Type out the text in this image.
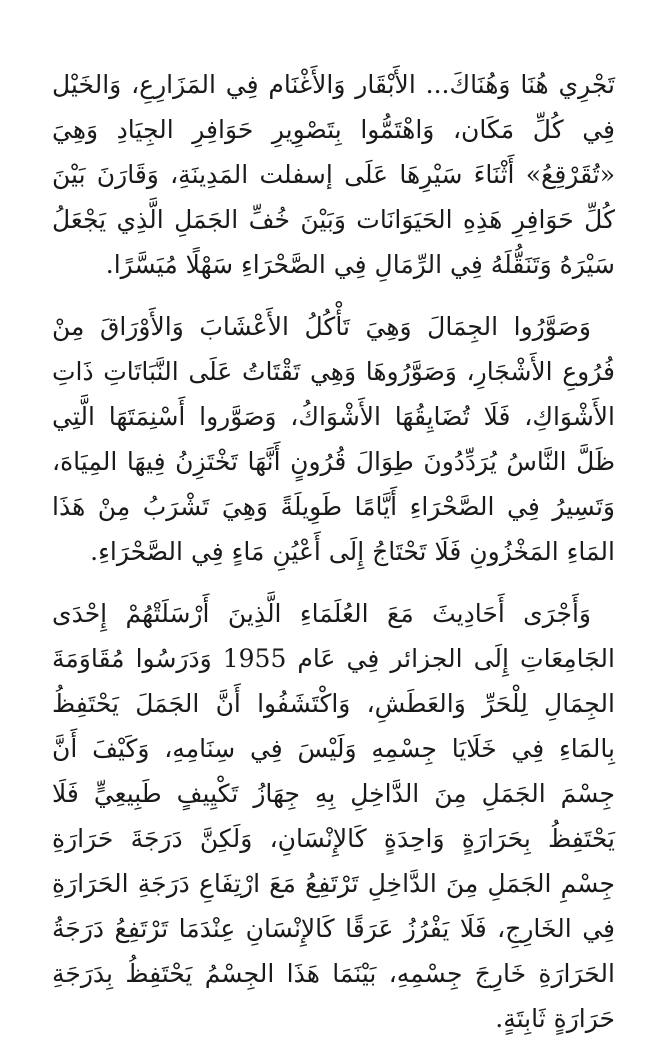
تَجْرِي هُنَا وَهُنَاكَ... الأَبْقَار وَالأَغْنَام فِي المَزَارِعِ، وَالخَيْل فِي كُلِّ مَكَان، وَاهْتَمُّوا بِتَصْوِيرِ حَوَافِرِ الجِيَادِ وَهِيَ «تُقَرْقِعُ» أَثْنَاءَ سَيْرِهَا عَلَى إسفلت المَدِينَةِ، وَقَارَنَ بَيْنَ كُلِّ حَوَافِرِ هَذِهِ الحَيَوَانَات وَبَيْنَ خُفِّ الجَمَلِ الَّذِي يَجْعَلُ سَيْرَهُ وَتَنَقُّلَهُ فِي الرِّمَالِ فِي الصَّحْرَاءِ سَهْلًا مُيَسَّرًا.

وَصَوَّرُوا الجِمَالَ وَهِيَ تَأْكُلُ الأَعْشَابَ وَالأَوْرَاقَ مِنْ فُرُوعِ الأَشْجَارِ، وَصَوَّرُوهَا وَهِي تَقْتَاتُ عَلَى النَّبَاتَاتِ ذَاتِ الأَشْوَاكِ، فَلَا تُضَايِقُهَا الأَشْوَاكُ، وَصَوَّروا أَسْنِمَتَهَا الَّتِي ظَلَّ النَّاسُ يُرَدِّدُونَ طِوَالَ قُرُونٍ أَنَّهَا تَخْتَزِنُ فِيهَا المِيَاهَ، وَتَسِيرُ فِي الصَّحْرَاءِ أَيَّامًا طَوِيلَةً وَهِيَ تَشْرَبُ مِنْ هَذَا المَاءِ المَخْزُونِ فَلَا تَحْتَاجُ إِلَى أَعْيُنِ مَاءٍ فِي الصَّحْرَاءِ.

وَأَجْرَى أَحَادِيثَ مَعَ العُلَمَاءِ الَّذِينَ أَرْسَلَتْهُمْ إِحْدَى الجَامِعَاتِ إِلَى الجزائر فِي عَام 1955 وَدَرَسُوا مُقَاوَمَةَ الجِمَالِ لِلْحَرِّ وَالعَطَشِ، وَاكْتَشَفُوا أَنَّ الجَمَلَ يَحْتَفِظُ بِالمَاءِ فِي خَلَايَا جِسْمِهِ وَلَيْسَ فِي سِنَامِهِ، وَكَيْفَ أَنَّ جِسْمَ الجَمَلِ مِنَ الدَّاخِلِ بِهِ جِهَازُ تَكْيِيفٍ طَبِيعِيٍّ فَلَا يَحْتَفِظُ بِحَرَارَةٍ وَاحِدَةٍ كَالإِنْسَانِ، وَلَكِنَّ دَرَجَةَ حَرَارَةِ جِسْمِ الجَمَلِ مِنَ الدَّاخِلِ تَرْتَفِعُ مَعَ ارْتِفَاعِ دَرَجَةِ الحَرَارَةِ فِي الخَارِجِ، فَلَا يَفْرُزُ عَرَقًا كَالإِنْسَانِ عِنْدَمَا تَرْتَفِعُ دَرَجَةُ الحَرَارَةِ خَارِجَ جِسْمِهِ، بَيْنَمَا هَذَا الجِسْمُ يَحْتَفِظُ بِدَرَجَةِ حَرَارَةٍ ثَابِتَةٍ.
